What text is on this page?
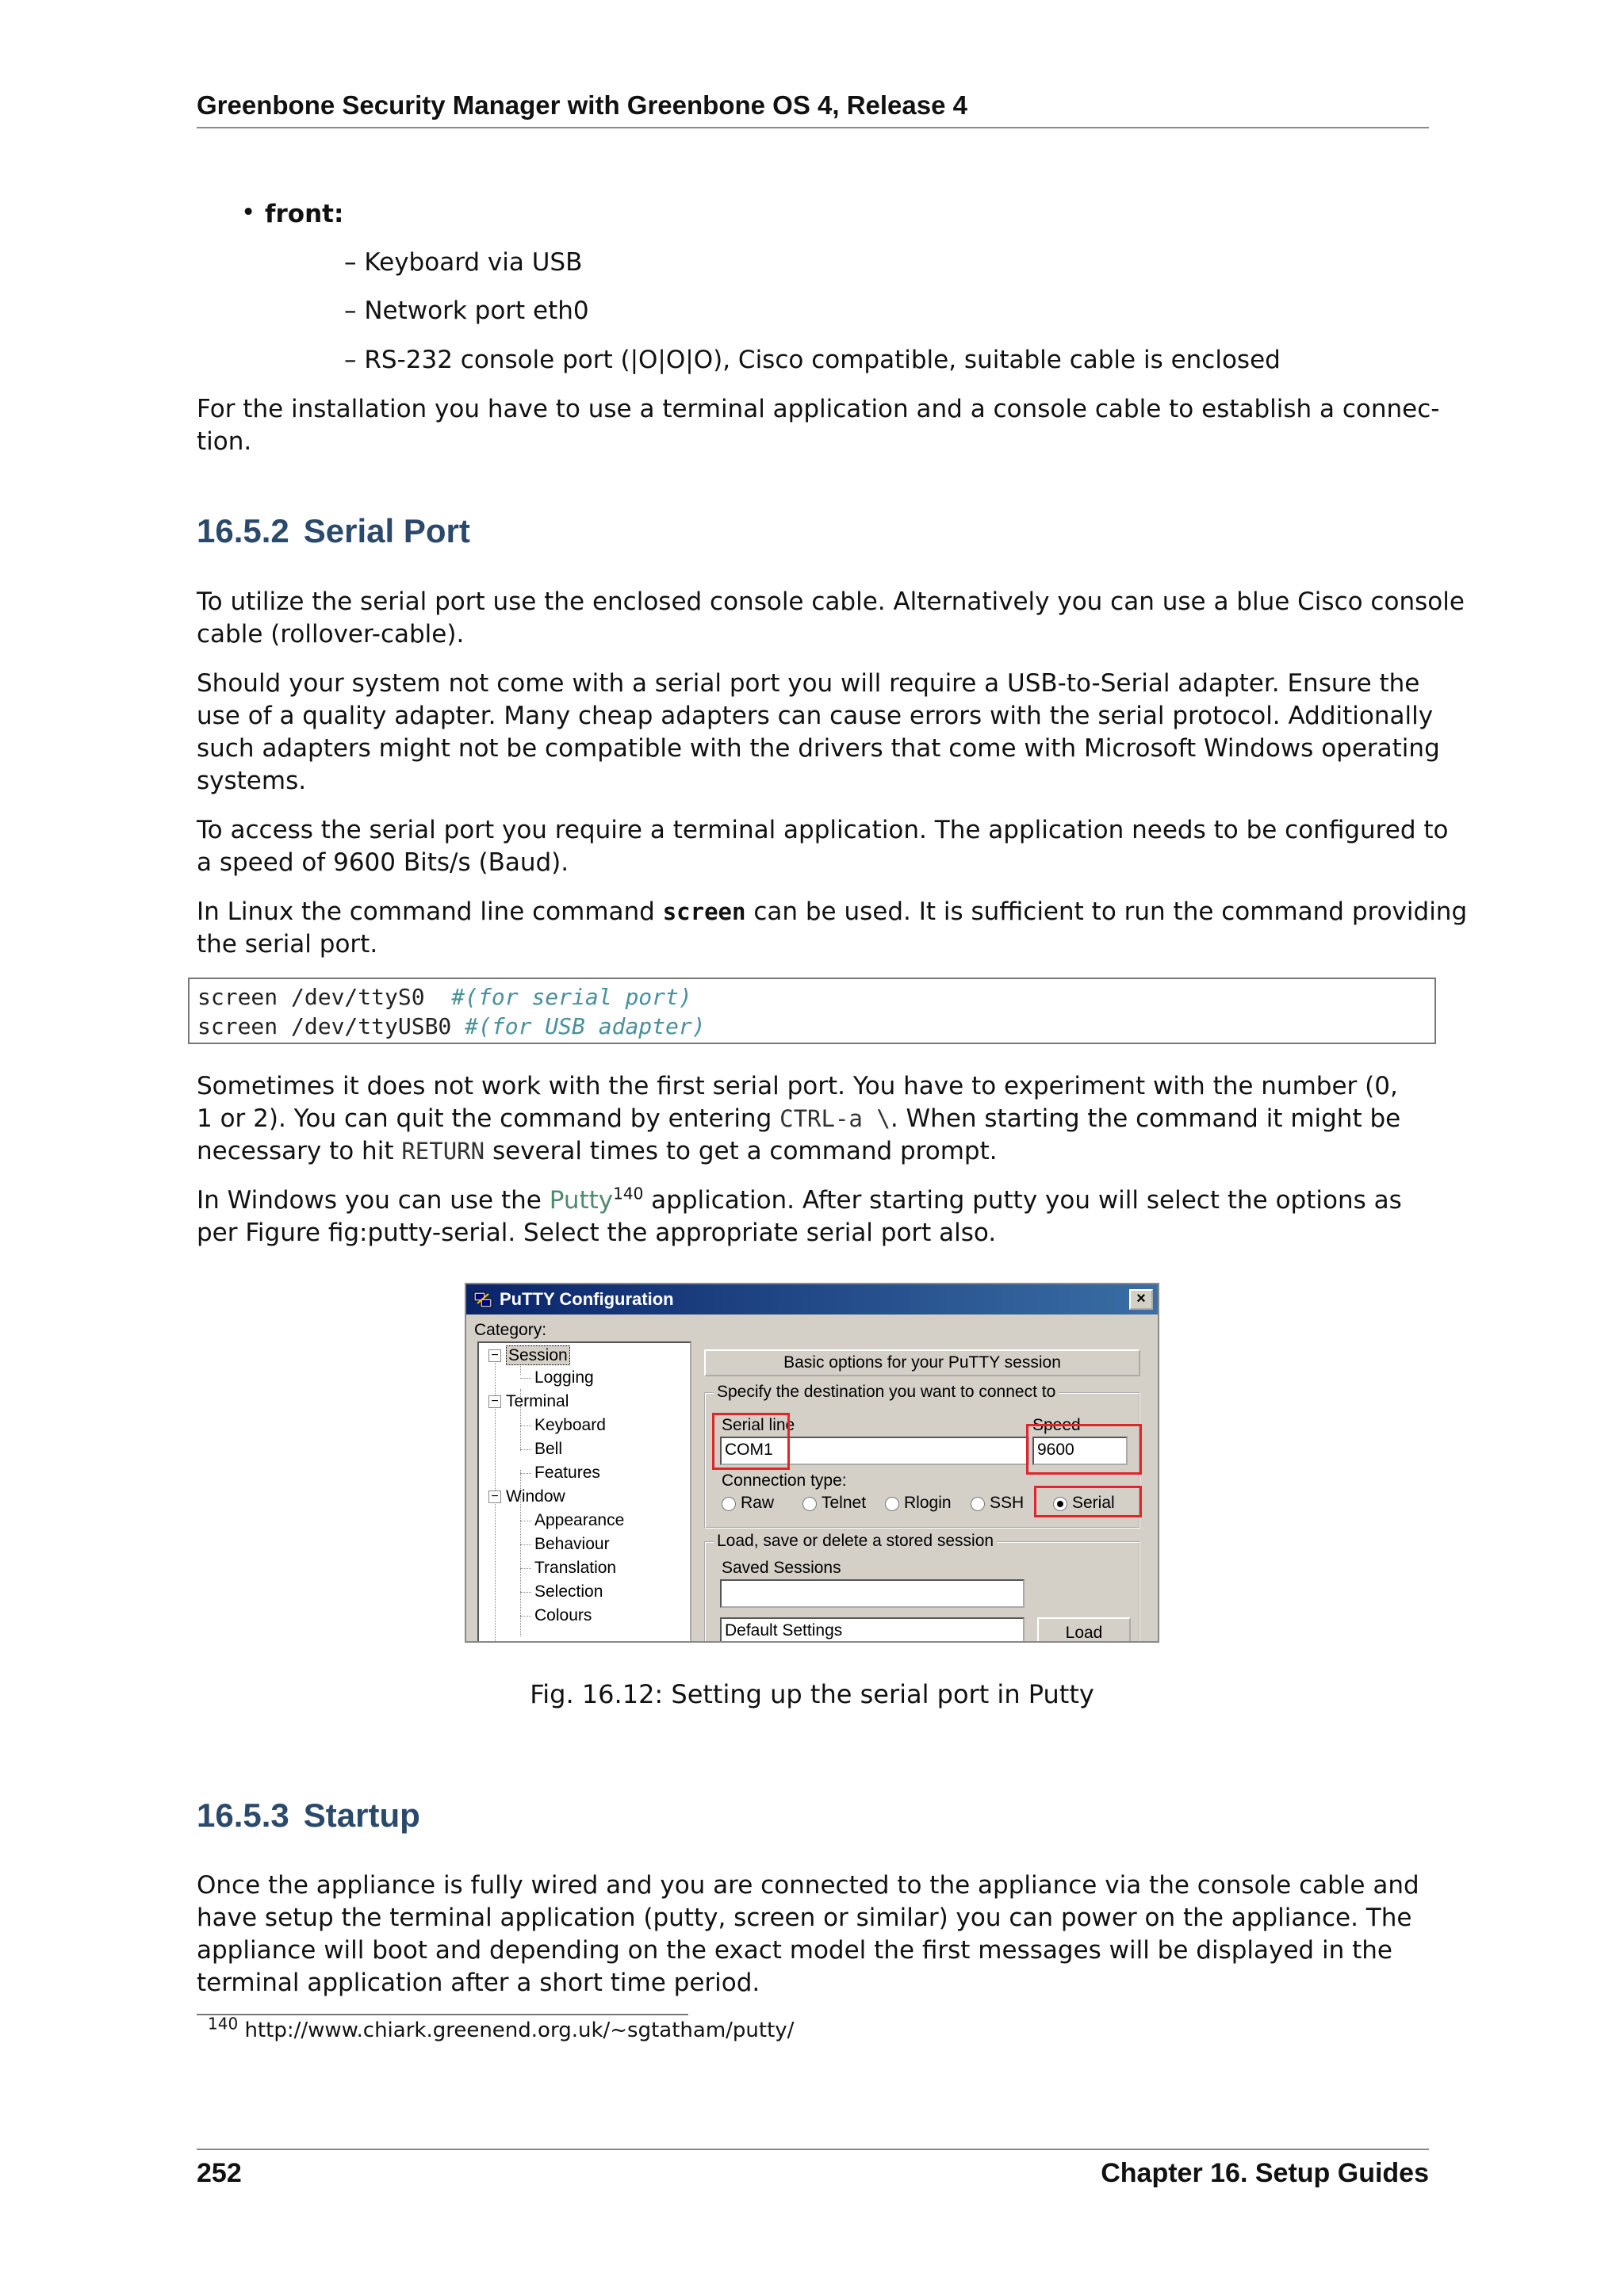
Greenbone Security Manager with Greenbone OS 4, Release 4
• front:
– Keyboard via USB
– Network port eth0
– RS-232 console port (|O|O|O), Cisco compatible, suitable cable is enclosed
For the installation you have to use a terminal application and a console cable to establish a connec-
tion.
16.5.2 Serial Port
To utilize the serial port use the enclosed console cable. Alternatively you can use a blue Cisco console
cable (rollover-cable).
Should your system not come with a serial port you will require a USB-to-Serial adapter. Ensure the
use of a quality adapter. Many cheap adapters can cause errors with the serial protocol. Additionally
such adapters might not be compatible with the drivers that come with Microsoft Windows operating
systems.
To access the serial port you require a terminal application. The application needs to be configured to
a speed of 9600 Bits/s (Baud).
In Linux the command line command screen can be used. It is sufficient to run the command providing
the serial port.
screen /dev/ttyS0  #(for serial port)
screen /dev/ttyUSB0 #(for USB adapter)
Sometimes it does not work with the first serial port. You have to experiment with the number (0,
1 or 2). You can quit the command by entering CTRL-a \. When starting the command it might be
necessary to hit RETURN several times to get a command prompt.
In Windows you can use the Putty$^{140}$ application. After starting putty you will select the options as
per Figure fig:putty-serial. Select the appropriate serial port also.
PuTTY Configuration	×
Category:
− Session
Logging
− Terminal
Keyboard
Bell
Features
− Window
Appearance
Behaviour
Translation
Selection
Colours
Basic options for your PuTTY session
Specify the destination you want to connect to
Serial line
COM1
Speed
9600
Connection type:
Raw	Telnet Rlogin SSH	Serial
Load, save or delete a stored session
Saved Sessions
Default Settings	Load
Fig. 16.12: Setting up the serial port in Putty
16.5.3 Startup
Once the appliance is fully wired and you are connected to the appliance via the console cable and
have setup the terminal application (putty, screen or similar) you can power on the appliance. The
appliance will boot and depending on the exact model the first messages will be displayed in the
terminal application after a short time period.
$^{140}$ http://www.chiark.greenend.org.uk/~sgtatham/putty/
252	Chapter 16. Setup Guides
